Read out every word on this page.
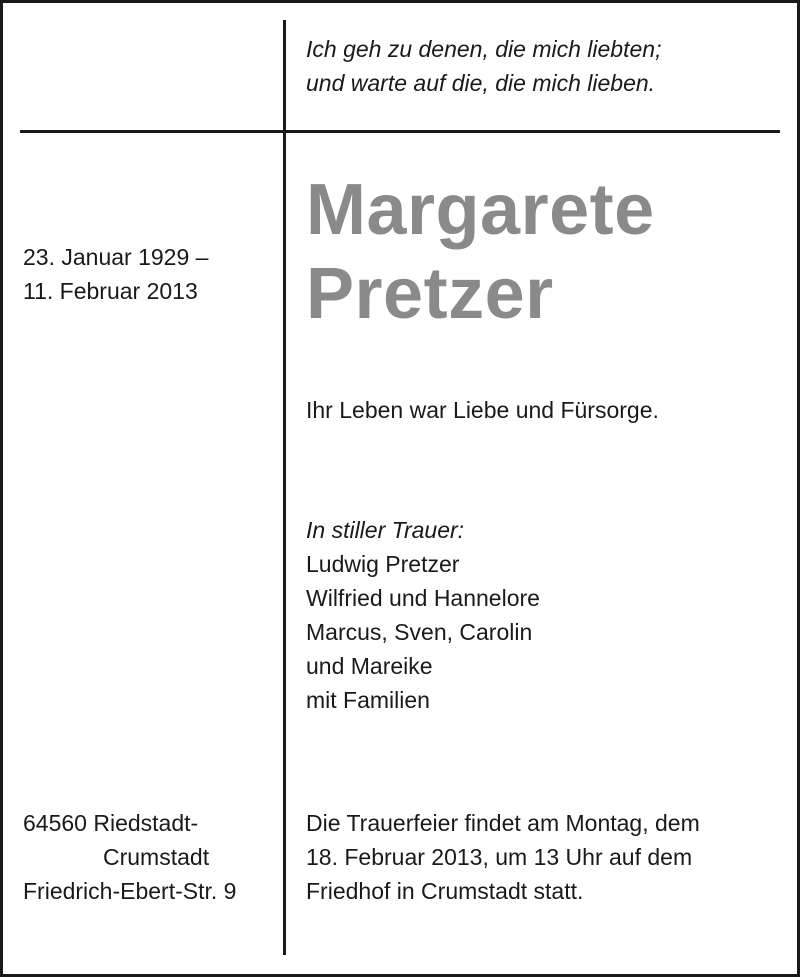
Ich geh zu denen, die mich liebten;
und warte auf die, die mich lieben.
23. Januar 1929 –
11. Februar 2013
Margarete
Pretzer
Ihr Leben war Liebe und Fürsorge.
In stiller Trauer:
Ludwig Pretzer
Wilfried und Hannelore
Marcus, Sven, Carolin
und Mareike
mit Familien
64560 Riedstadt-
Crumstadt
Friedrich-Ebert-Str. 9
Die Trauerfeier findet am Montag, dem
18. Februar 2013, um 13 Uhr auf dem
Friedhof in Crumstadt statt.
